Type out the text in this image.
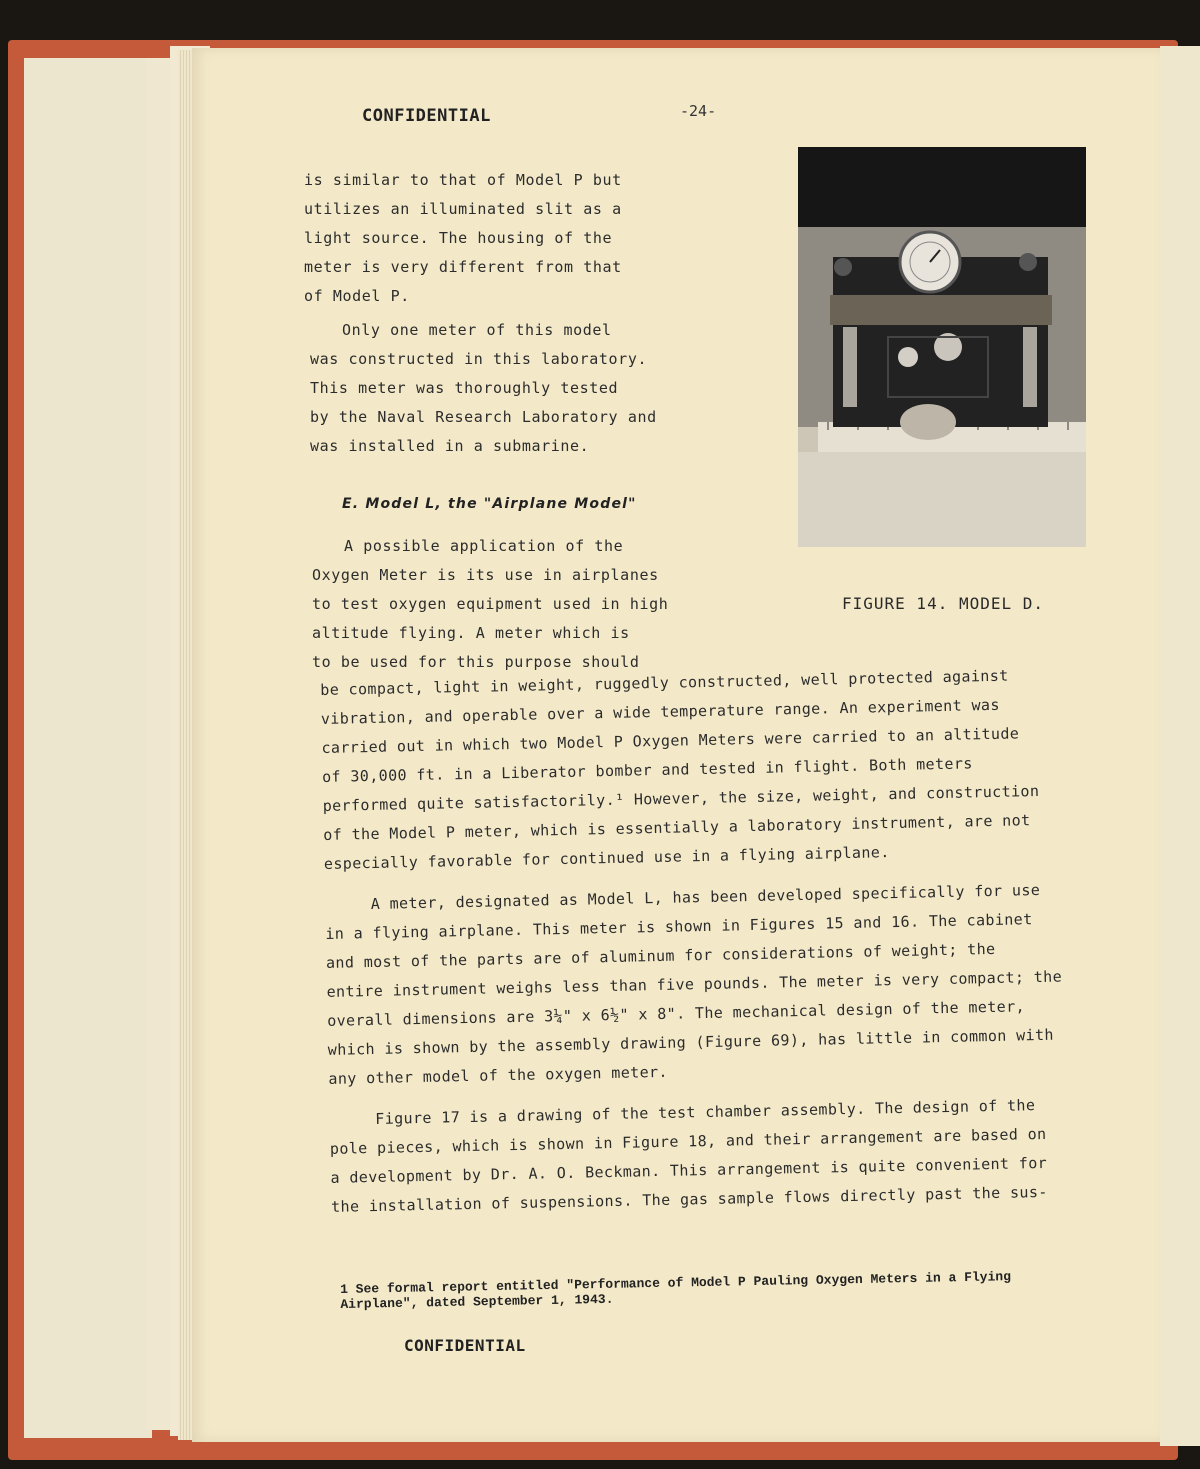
CONFIDENTIAL	-24-

is similar to that of Model P but

utilizes an illuminated slit as a

light source. The housing of the

meter is very different from that

of Model P.

Only one meter of this model

was constructed in this laboratory.

This meter was thoroughly tested

by the Naval Research Laboratory and

was installed in a submarine.

E. Model L, the "Airplane Model"

A possible application of the

Oxygen Meter is its use in airplanes

to test oxygen equipment used in high

altitude flying. A meter which is

to be used for this purpose should

FIGURE 14. MODEL D.

be compact, light in weight, ruggedly constructed, well protected against

vibration, and operable over a wide temperature range. An experiment was

carried out in which two Model P Oxygen Meters were carried to an altitude

of 30,000 ft. in a Liberator bomber and tested in flight. Both meters

performed quite satisfactorily.¹ However, the size, weight, and construction

of the Model P meter, which is essentially a laboratory instrument, are not

especially favorable for continued use in a flying airplane.

A meter, designated as Model L, has been developed specifically for use

in a flying airplane. This meter is shown in Figures 15 and 16. The cabinet

and most of the parts are of aluminum for considerations of weight; the

entire instrument weighs less than five pounds. The meter is very compact; the

overall dimensions are 3¼" x 6½" x 8". The mechanical design of the meter,

which is shown by the assembly drawing (Figure 69), has little in common with

any other model of the oxygen meter.

Figure 17 is a drawing of the test chamber assembly. The design of the

pole pieces, which is shown in Figure 18, and their arrangement are based on

a development by Dr. A. O. Beckman. This arrangement is quite convenient for

the installation of suspensions. The gas sample flows directly past the sus-

1 See formal report entitled "Performance of Model P Pauling Oxygen Meters in a Flying

Airplane", dated September 1, 1943.

CONFIDENTIAL
